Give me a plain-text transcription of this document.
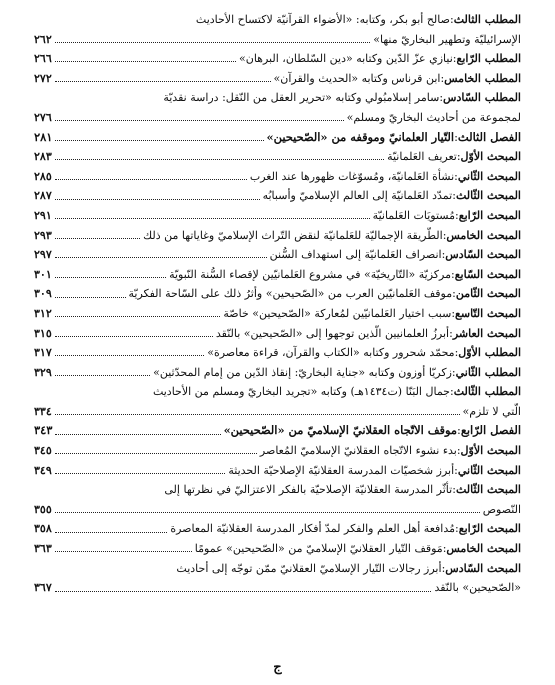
المطلب الثالث
:
صالح أبو بكر، وكتابه: «الأضواء القرآنيّة لاكتساح الأحاديث
الإسرائيليّة وتطهير البخاريّ منها»
٢٦٢
المطلب الرّابع
:
نيازي عزّ الدّين وكتابه «دين السّلطان، البرهان»
٢٦٦
المطلب الخامس
:
ابن قرناس وكتابه «الحديث والقرآن»
٢٧٢
المطلب السّادس
:
سامر إسلامبُولي وكتابه «تحرير العقل من النّقل: دراسة نقديّة
لمجموعة من أحاديث البخاريّ ومسلم»
٢٧٦
الفصل الثالث
:
التّيار العلمانيّ وموقفه من «الصّحيحين»
٢٨١
المبحث الأوّل
:
تعريف العَلمانيّة
٢٨٣
المبحث الثّاني
:
نشأة العَلمانيّة، ومُسوّغات ظهورها عند الغرب
٢٨٥
المبحث الثّالث
:
تمدّد العَلمانيّة إلى العالم الإسلاميّ وأسبابُه
٢٨٧
المبحث الرّابع
:
مُستويَات العَلمانيّة
٢٩١
المبحث الخامس
:
الطّريقة الإجماليّة للعَلمانيّة لنقض التّراث الإسلاميّ وغاياتها من ذلك
٢٩٣
المبحث السّادس
:
انصراف العَلمانيّة إلى استهداف السُّنن
٢٩٧
المبحث السّابع
:
مركزيّة «التّاريخيّة» في مشروع العَلمانيّين لإقصاء السُّنة النّبويّة
٣٠١
المبحث الثّامن
:
موقف العَلمانيّين العرب من «الصّحيحين» وأثرُ ذلك على السّاحة الفكريّة
٣٠٩
المبحث التّاسع
:
سبب اختيار العَلمانيّين لمُعاركة «الصّحيحين» خاصّة
٣١٢
المبحث العاشر
:
أبرزُ العلمانيين الّذين توجهوا إلى «الصّحيحين» بالنّقد
٣١٥
المطلب الأوّل
:
محمّد شحرور وكتابه «الكتاب والقرآن، قراءة معاصرة»
٣١٧
المطلب الثّاني
:
زكريّا أوزون وكتابه «جناية البخاريّ: إنقاذ الدّين من إمام المحدّثين»
٣٢٩
المطلب الثّالث
:
جمال البَنّا (ت١٤٣٤هـ) وكتابه «تجريد البخاريّ ومسلم من الأحاديث
الّتي لا تلزم»
٣٣٤
الفصل الرّابع
:
موقف الاتّجاه العقلانيّ الإسلاميّ من «الصّحيحين»
٣٤٣
المبحث الأوّل
:
بدء نشوء الاتّجاه العقلانيّ الإسلاميّ المُعاصر
٣٤٥
المبحث الثّاني
:
أبرز شخصيّات المدرسة العقلانيّة الإصلاحيّة الحديثة
٣٤٩
المبحث الثّالث
:
تأثّر المدرسة العقلانيّة الإصلاحيّة بالفكر الاعتزاليّ في نظرتها إلى
النّصوص
٣٥٥
المبحث الرّابع
:
مُدافعة أهل العلم والفكر لمدّ أفكار المدرسة العقلانيّة المعاصرة
٣٥٨
المبحث الخامس
:
مَوقف التّيار العقلانيّ الإسلاميّ من «الصّحيحين» عمومًا
٣٦٣
المبحث السّادس
:
أبرز رجالات التّيار الإسلاميّ العقلانيّ ممّن توجّه إلى أحاديث
«الصّحيحين» بالنّقد
٣٦٧
ج
